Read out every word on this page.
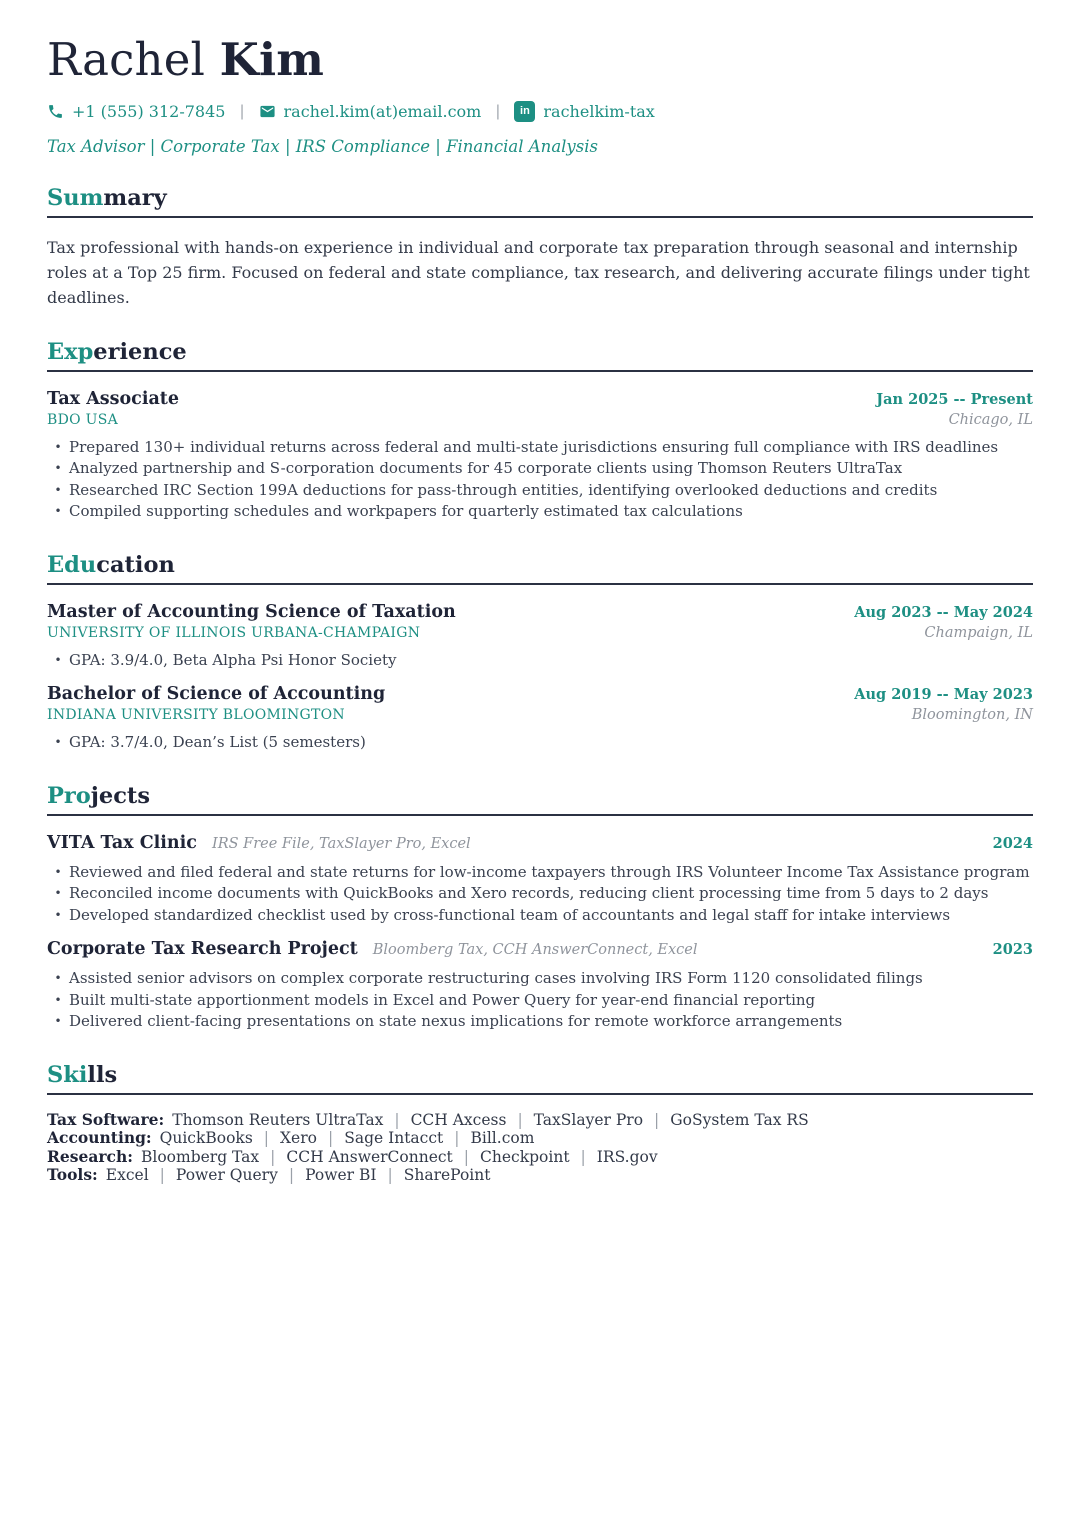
Rachel Kim
+1 (555) 312-7845 | rachel.kim(at)email.com |	in rachelkim-tax
Tax Advisor | Corporate Tax | IRS Compliance | Financial Analysis
Summary

Tax professional with hands-on experience in individual and corporate tax preparation through seasonal and internship roles at a Top 25 firm. Focused on federal and state compliance, tax research, and delivering accurate filings under tight deadlines.

Experience
Tax Associate	Jan 2025 -- Present
BDO USA	Chicago, IL
• Prepared 130+ individual returns across federal and multi-state jurisdictions ensuring full compliance with IRS deadlines
• Analyzed partnership and S-corporation documents for 45 corporate clients using Thomson Reuters UltraTax
• Researched IRC Section 199A deductions for pass-through entities, identifying overlooked deductions and credits
• Compiled supporting schedules and workpapers for quarterly estimated tax calculations
Education
Master of Accounting Science of Taxation	Aug 2023 -- May 2024
UNIVERSITY OF ILLINOIS URBANA-CHAMPAIGN	Champaign, IL
• GPA: 3.9/4.0, Beta Alpha Psi Honor Society
Bachelor of Science of Accounting	Aug 2019 -- May 2023
INDIANA UNIVERSITY BLOOMINGTON	Bloomington, IN
• GPA: 3.7/4.0, Dean’s List (5 semesters)
Projects
VITA Tax Clinic IRS Free File, TaxSlayer Pro, Excel	2024
• Reviewed and filed federal and state returns for low-income taxpayers through IRS Volunteer Income Tax Assistance program
• Reconciled income documents with QuickBooks and Xero records, reducing client processing time from 5 days to 2 days
• Developed standardized checklist used by cross-functional team of accountants and legal staff for intake interviews
Corporate Tax Research Project Bloomberg Tax, CCH AnswerConnect, Excel	2023
• Assisted senior advisors on complex corporate restructuring cases involving IRS Form 1120 consolidated filings
• Built multi-state apportionment models in Excel and Power Query for year-end financial reporting
• Delivered client-facing presentations on state nexus implications for remote workforce arrangements
Skills
Tax Software: Thomson Reuters UltraTax | CCH Axcess | TaxSlayer Pro | GoSystem Tax RS
Accounting: QuickBooks | Xero | Sage Intacct | Bill.com
Research: Bloomberg Tax | CCH AnswerConnect | Checkpoint | IRS.gov
Tools: Excel | Power Query | Power BI | SharePoint
